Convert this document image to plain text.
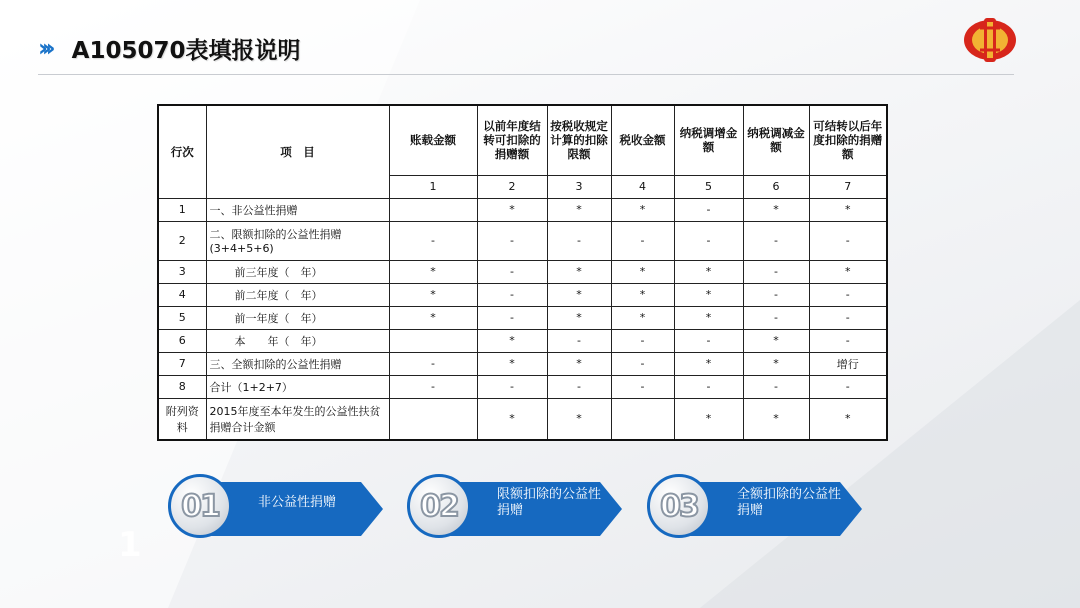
››› A105070表填报说明
行次	项　目	账载金额	以前年度结转可扣除的捐赠额	按税收规定计算的扣除限额	税收金额	纳税调增金额	纳税调减金额	可结转以后年度扣除的捐赠额
		1	2	3	4	5	6	7
1	一、非公益性捐赠		*	*	*	-	*	*
2	二、限额扣除的公益性捐赠(3+4+5+6)	-	-	-	-	-	-	-
3	前三年度（　年）	*	-	*	*	*	-	*
4	前二年度（　年）	*	-	*	*	*	-	-
5	前一年度（　年）	*	-	*	*	*	-	-
6	本　　年（　年）		*	-	-	-	*	-
7	三、全额扣除的公益性捐赠	-	*	*	-	*	*	增行
8	合计（1+2+7）	-	-	-	-	-	-	-
附列资料	2015年度至本年发生的公益性扶贫捐赠合计金额		*	*		*	*	*
01	非公益性捐赠	02	限额扣除的公益性捐赠	03	全额扣除的公益性捐赠
1
